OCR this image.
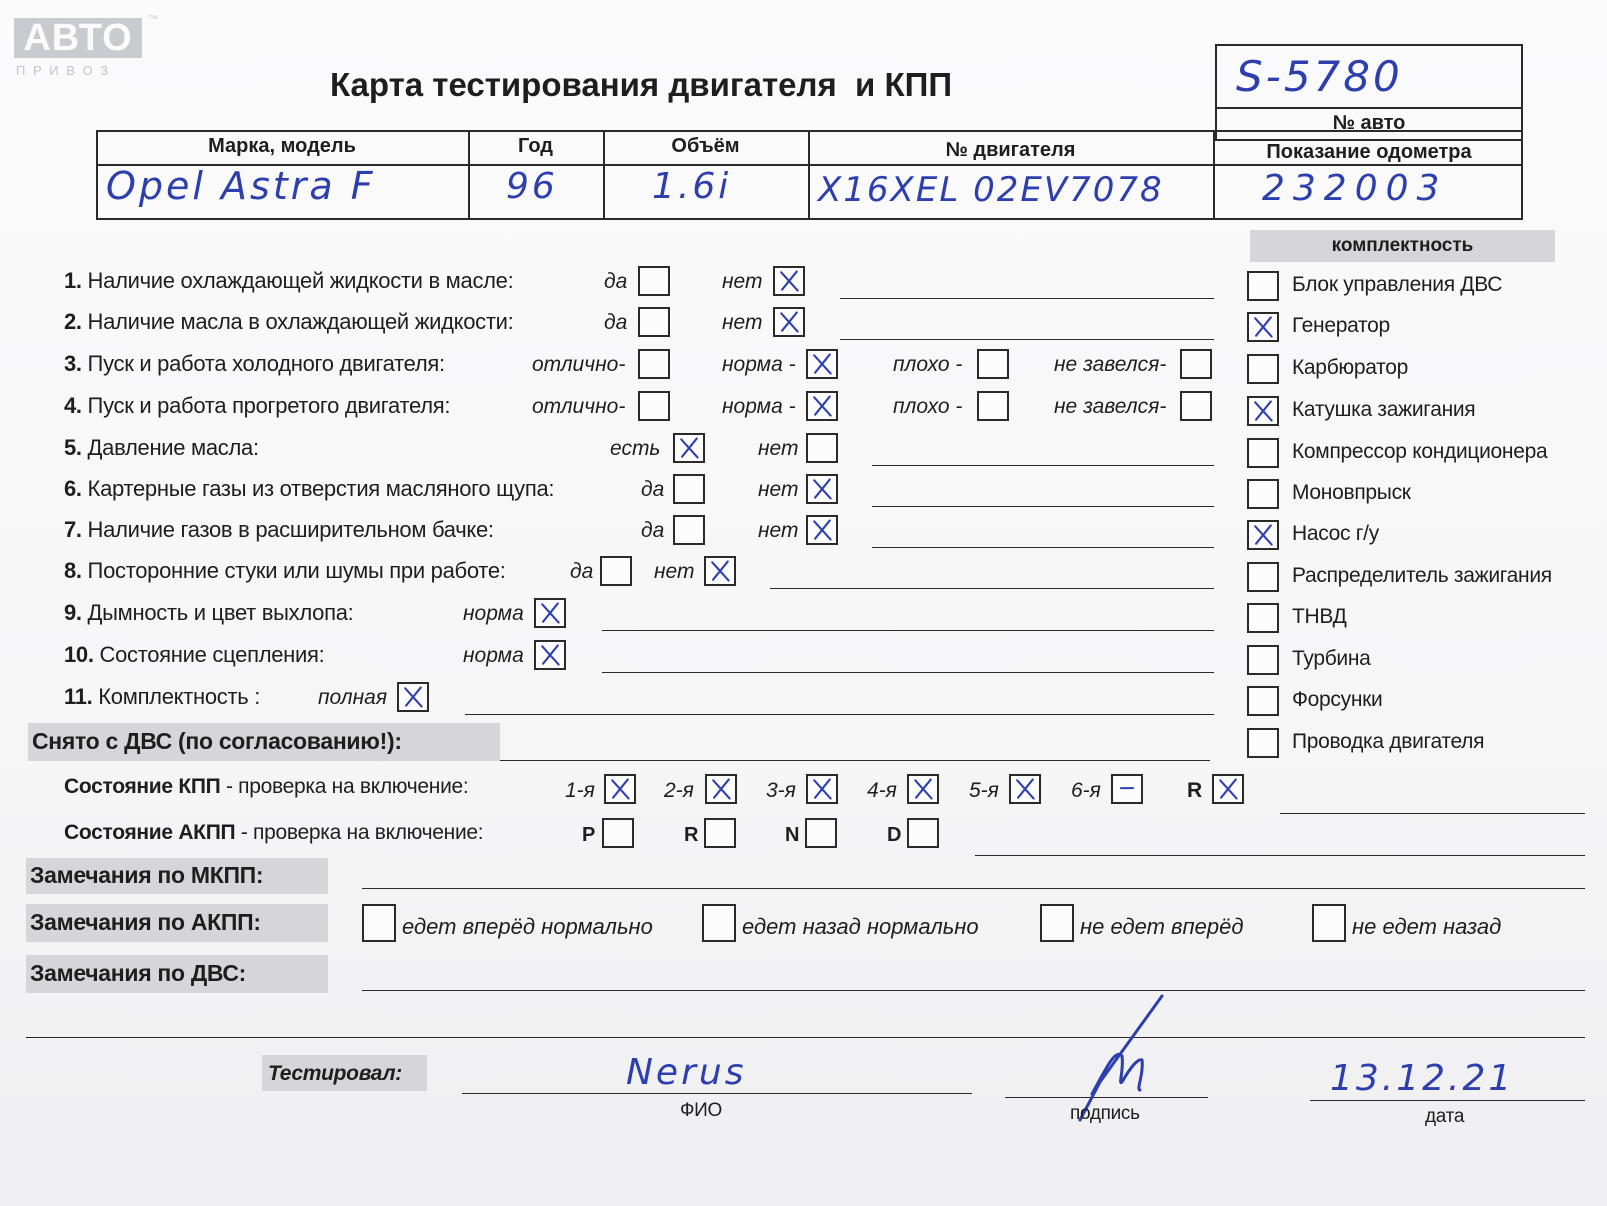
АВТО	™
П Р И В О З	Карта тестирования двигателя  и КПП	S-5780
№ авто
Марка, модель	Год	Объём	№ двигателя	Показание одометра
Opel Astra F	96	1.6i	X16XEL 02EV7078	232003
комплектность
Блок управления ДВС
Генератор
Карбюратор
Катушка зажигания
Компрессор кондиционера
Моновпрыск
Насос г/у
Распределитель зажигания
ТНВД
Турбина
Форсунки
Проводка двигателя
1. Наличие охлаждающей жидкости в масле:	да	нет
2. Наличие масла в охлаждающей жидкости:	да	нет
3. Пуск и работа холодного двигателя:	отлично-	норма -	плохо -	не завелся-
4. Пуск и работа прогретого двигателя:	отлично-	норма -	плохо -	не завелся-
5. Давление масла:	есть	нет
6. Картерные газы из отверстия масляного щупа:	да	нет
7. Наличие газов в расширительном бачке:	да	нет
8. Посторонние стуки или шумы при работе:	да	нет
9. Дымность и цвет выхлопа:	норма
10. Состояние сцепления:	норма
11. Комплектность :	полная
Снято с ДВС (по согласованию!):
Состояние КПП - проверка на включение:	1-я	2-я	3-я	4-я	5-я	6-я	R
Состояние АКПП - проверка на включение:	P	R	N	D
Замечания по МКПП:
Замечания по АКПП:	едет вперёд нормально	едет назад нормально	не едет вперёд	не едет назад
Замечания по ДВС:
Тестировал:	Nerus
ФИО	подпись
13.12.21
дата
